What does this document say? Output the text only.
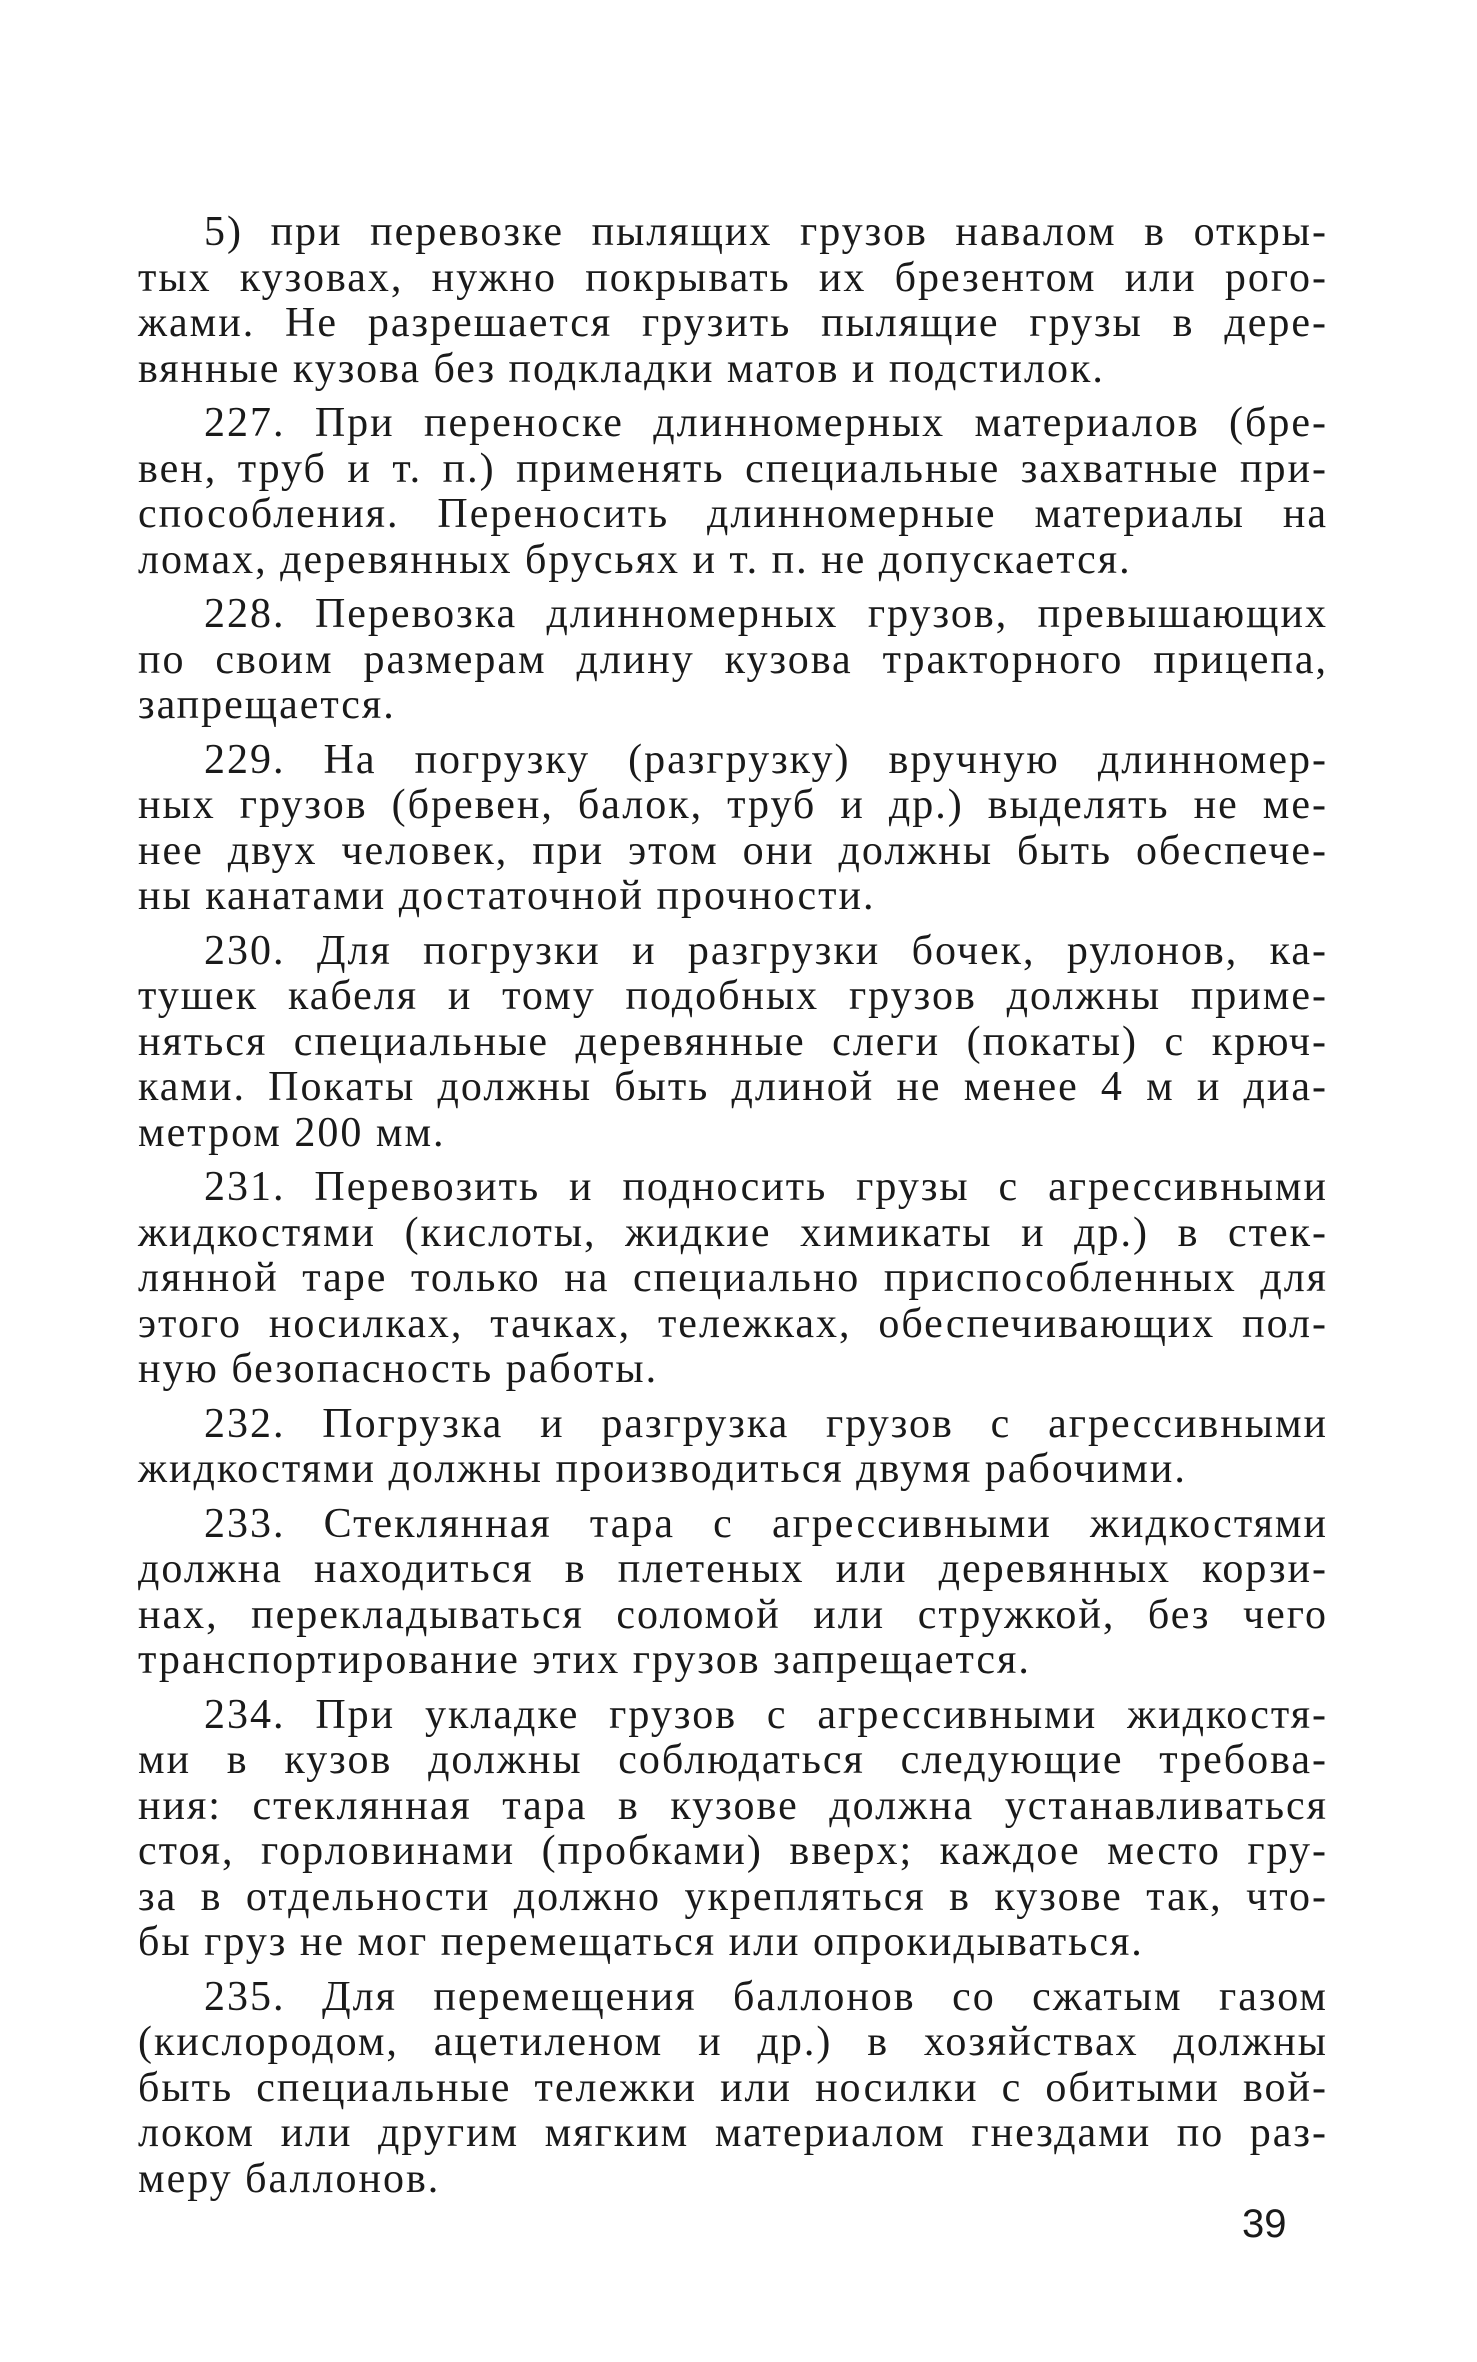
5) при перевозке пылящих грузов навалом в откры-
тых кузовах, нужно покрывать их брезентом или рого-
жами. Не разрешается грузить пылящие грузы в дере-
вянные кузова без подкладки матов и подстилок.

227. При переноске длинномерных материалов (бре-
вен, труб и т. п.) применять специальные захватные при-
способления. Переносить длинномерные материалы на
ломах, деревянных брусьях и т. п. не допускается.

228. Перевозка длинномерных грузов, превышающих
по своим размерам длину кузова тракторного прицепа,
запрещается.

229. На погрузку (разгрузку) вручную длинномер-
ных грузов (бревен, балок, труб и др.) выделять не ме-
нее двух человек, при этом они должны быть обеспече-
ны канатами достаточной прочности.

230. Для погрузки и разгрузки бочек, рулонов, ка-
тушек кабеля и тому подобных грузов должны приме-
няться специальные деревянные слеги (покаты) с крюч-
ками. Покаты должны быть длиной не менее 4 м и диа-
метром 200 мм.

231. Перевозить и подносить грузы с агрессивными
жидкостями (кислоты, жидкие химикаты и др.) в стек-
лянной таре только на специально приспособленных для
этого носилках, тачках, тележках, обеспечивающих пол-
ную безопасность работы.

232. Погрузка и разгрузка грузов с агрессивными
жидкостями должны производиться двумя рабочими.

233. Стеклянная тара с агрессивными жидкостями
должна находиться в плетеных или деревянных корзи-
нах, перекладываться соломой или стружкой, без чего
транспортирование этих грузов запрещается.

234. При укладке грузов с агрессивными жидкостя-
ми в кузов должны соблюдаться следующие требова-
ния: стеклянная тара в кузове должна устанавливаться
стоя, горловинами (пробками) вверх; каждое место гру-
за в отдельности должно укрепляться в кузове так, что-
бы груз не мог перемещаться или опрокидываться.

235. Для перемещения баллонов со сжатым газом
(кислородом, ацетиленом и др.) в хозяйствах должны
быть специальные тележки или носилки с обитыми вой-
локом или другим мягким материалом гнездами по раз-
меру баллонов.

39
